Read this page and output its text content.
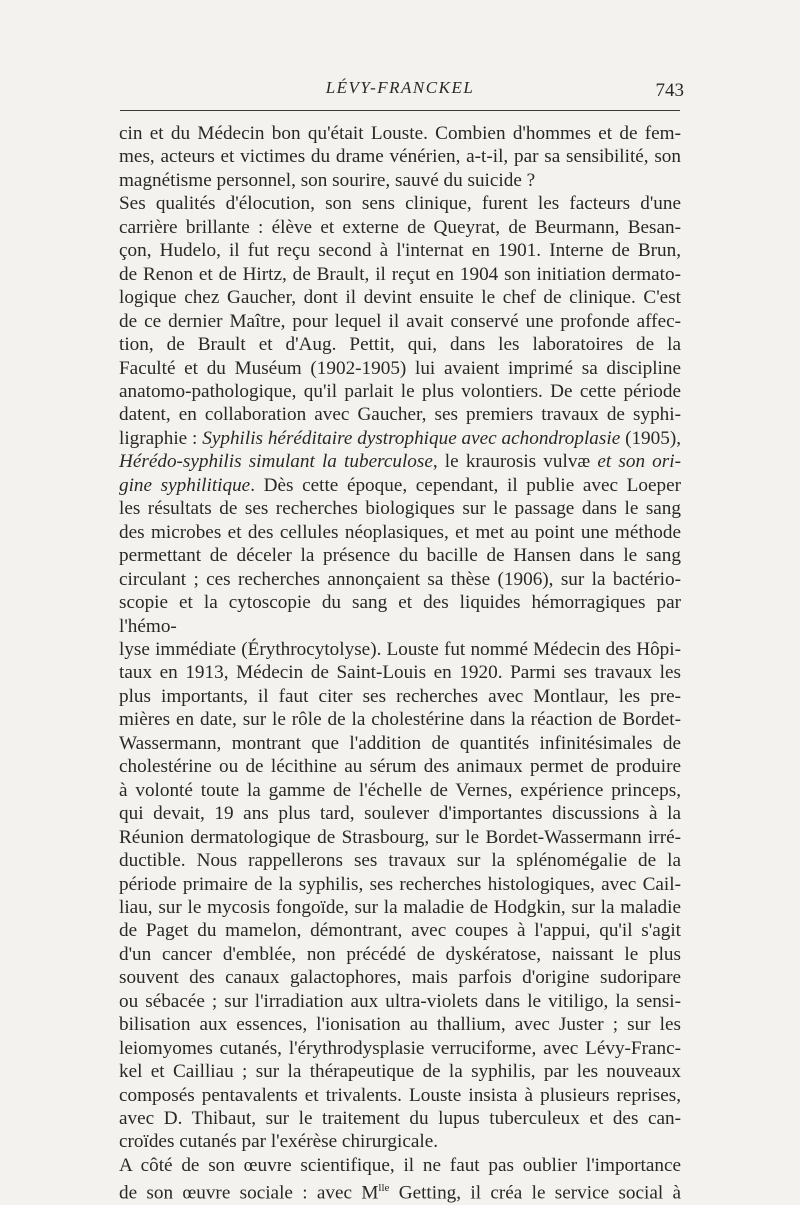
LÉVY-FRANCKEL	743

cin et du Médecin bon qu'était Louste. Combien d'hommes et de fem-

mes, acteurs et victimes du drame vénérien, a-t-il, par sa sensibilité, son

magnétisme personnel, son sourire, sauvé du suicide ?

Ses qualités d'élocution, son sens clinique, furent les facteurs d'une

carrière brillante : élève et externe de Queyrat, de Beurmann, Besan-

çon, Hudelo, il fut reçu second à l'internat en 1901. Interne de Brun,

de Renon et de Hirtz, de Brault, il reçut en 1904 son initiation dermato-

logique chez Gaucher, dont il devint ensuite le chef de clinique. C'est

de ce dernier Maître, pour lequel il avait conservé une profonde affec-

tion, de Brault et d'Aug. Pettit, qui, dans les laboratoires de la

Faculté et du Muséum (1902-1905) lui avaient imprimé sa discipline

anatomo-pathologique, qu'il parlait le plus volontiers. De cette période

datent, en collaboration avec Gaucher, ses premiers travaux de syphi-

ligraphie : Syphilis héréditaire dystrophique avec achondroplasie (1905),

Hérédo-syphilis simulant la tuberculose, le kraurosis vulvæ et son ori-

gine syphilitique. Dès cette époque, cependant, il publie avec Loeper

les résultats de ses recherches biologiques sur le passage dans le sang

des microbes et des cellules néoplasiques, et met au point une méthode

permettant de déceler la présence du bacille de Hansen dans le sang

circulant ; ces recherches annonçaient sa thèse (1906), sur la bactério-

scopie et la cytoscopie du sang et des liquides hémorragiques par l'hémo-

lyse immédiate (Érythrocytolyse). Louste fut nommé Médecin des Hôpi-

taux en 1913, Médecin de Saint-Louis en 1920. Parmi ses travaux les

plus importants, il faut citer ses recherches avec Montlaur, les pre-

mières en date, sur le rôle de la cholestérine dans la réaction de Bordet-

Wassermann, montrant que l'addition de quantités infinitésimales de

cholestérine ou de lécithine au sérum des animaux permet de produire

à volonté toute la gamme de l'échelle de Vernes, expérience princeps,

qui devait, 19 ans plus tard, soulever d'importantes discussions à la

Réunion dermatologique de Strasbourg, sur le Bordet-Wassermann irré-

ductible. Nous rappellerons ses travaux sur la splénomégalie de la

période primaire de la syphilis, ses recherches histologiques, avec Cail-

liau, sur le mycosis fongoïde, sur la maladie de Hodgkin, sur la maladie

de Paget du mamelon, démontrant, avec coupes à l'appui, qu'il s'agit

d'un cancer d'emblée, non précédé de dyskératose, naissant le plus

souvent des canaux galactophores, mais parfois d'origine sudoripare

ou sébacée ; sur l'irradiation aux ultra-violets dans le vitiligo, la sensi-

bilisation aux essences, l'ionisation au thallium, avec Juster ; sur les

leiomyomes cutanés, l'érythrodysplasie verruciforme, avec Lévy-Franc-

kel et Cailliau ; sur la thérapeutique de la syphilis, par les nouveaux

composés pentavalents et trivalents. Louste insista à plusieurs reprises,

avec D. Thibaut, sur le traitement du lupus tuberculeux et des can-

croïdes cutanés par l'exérèse chirurgicale.

A côté de son œuvre scientifique, il ne faut pas oublier l'importance

de son œuvre sociale : avec $M^{lle}$ Getting, il créa le service social à
